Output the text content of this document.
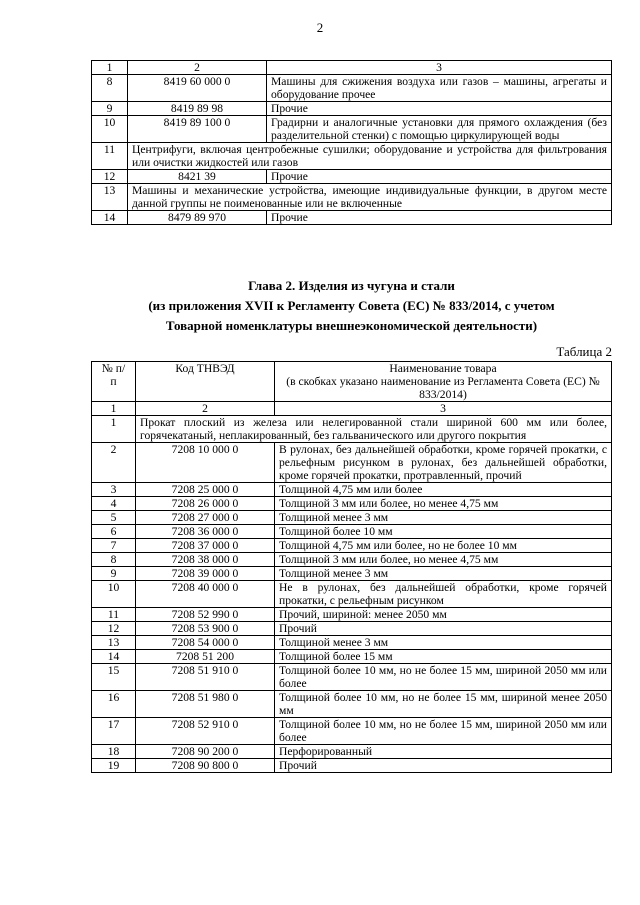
2
1	2	3
8	8419 60 000 0	Машины для сжижения воздуха или газов – машины, агрегаты и оборудование прочее
9	8419 89 98	Прочие
10	8419 89 100 0	Градирни и аналогичные установки для прямого охлаждения (без разделительной стенки) с помощью циркулирующей воды
11	Центрифуги, включая центробежные сушилки; оборудование и устройства для фильтрования или очистки жидкостей или газов	
12	8421 39	Прочие
13	Машины и механические устройства, имеющие индивидуальные функции, в другом месте данной группы не поименованные или не включенные	
14	8479 89 970	Прочие
Глава 2. Изделия из чугуна и стали
(из приложения XVII к Регламенту Совета (ЕС) № 833/2014, с учетом
Товарной номенклатуры внешнеэкономической деятельности)
Таблица 2
№ п/п	Код ТНВЭД	Наименование товара
(в скобках указано наименование из Регламента Совета (ЕС) № 833/2014)

1	2	3
1	Прокат плоский из железа или нелегированной стали шириной 600 мм или более, горячекатаный, неплакированный, без гальванического или другого покрытия	
2	7208 10 000 0	В рулонах, без дальнейшей обработки, кроме горячей прокатки, с рельефным рисунком в рулонах, без дальнейшей обработки, кроме горячей прокатки, протравленный, прочий
3	7208 25 000 0	Толщиной 4,75 мм или более
4	7208 26 000 0	Толщиной 3 мм или более, но менее 4,75 мм
5	7208 27 000 0	Толщиной менее 3 мм
6	7208 36 000 0	Толщиной более 10 мм
7	7208 37 000 0	Толщиной 4,75 мм или более, но не более 10 мм
8	7208 38 000 0	Толщиной 3 мм или более, но менее 4,75 мм
9	7208 39 000 0	Толщиной менее 3 мм
10	7208 40 000 0	Не в рулонах, без дальнейшей обработки, кроме горячей прокатки, с рельефным рисунком
11	7208 52 990 0	Прочий, шириной: менее 2050 мм
12	7208 53 900 0	Прочий
13	7208 54 000 0	Толщиной менее 3 мм
14	7208 51 200	Толщиной более 15 мм
15	7208 51 910 0	Толщиной более 10 мм, но не более 15 мм, шириной 2050 мм или более
16	7208 51 980 0	Толщиной более 10 мм, но не более 15 мм, шириной менее 2050 мм
17	7208 52 910 0	Толщиной более 10 мм, но не более 15 мм, шириной 2050 мм или более
18	7208 90 200 0	Перфорированный
19	7208 90 800 0	Прочий
